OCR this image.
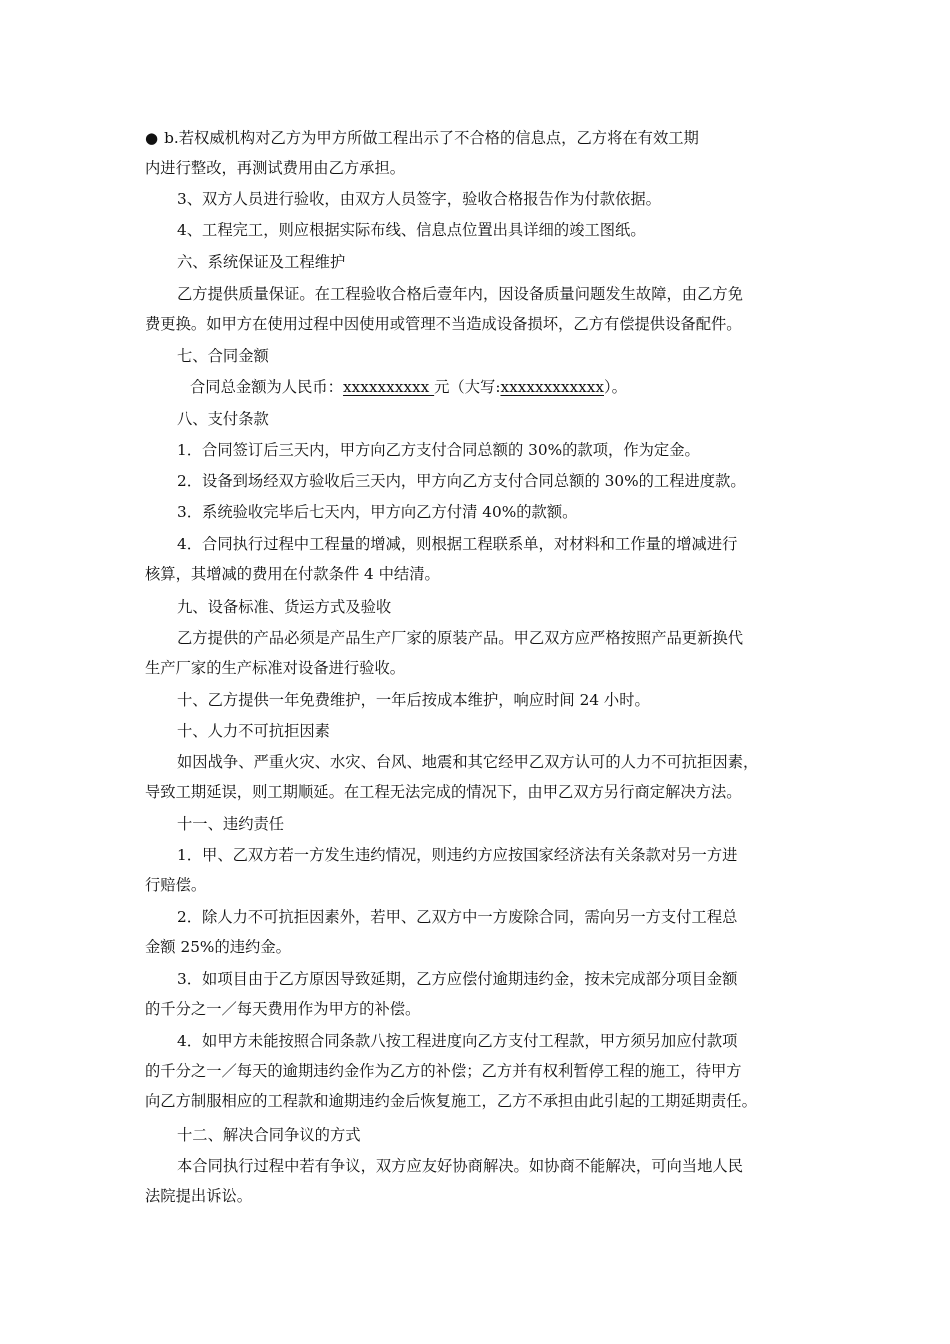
● b.若权威机构对乙方为甲方所做工程出示了不合格的信息点，乙方将在有效工期
内进行整改，再测试费用由乙方承担。

3、双方人员进行验收，由双方人员签字，验收合格报告作为付款依据。

4、工程完工，则应根据实际布线、信息点位置出具详细的竣工图纸。

六、系统保证及工程维护

乙方提供质量保证。在工程验收合格后壹年内，因设备质量问题发生故障，由乙方免
费更换。如甲方在使用过程中因使用或管理不当造成设备损坏，乙方有偿提供设备配件。

七、合同金额

合同总金额为人民币：xxxxxxxxxx 元（大写:xxxxxxxxxxxx）。

八、支付条款

1．合同签订后三天内，甲方向乙方支付合同总额的 30%的款项，作为定金。

2．设备到场经双方验收后三天内，甲方向乙方支付合同总额的 30%的工程进度款。

3．系统验收完毕后七天内，甲方向乙方付清 40%的款额。

4．合同执行过程中工程量的增减，则根据工程联系单，对材料和工作量的增减进行
核算，其增减的费用在付款条件 4 中结清。

九、设备标准、货运方式及验收

乙方提供的产品必须是产品生产厂家的原装产品。甲乙双方应严格按照产品更新换代
生产厂家的生产标准对设备进行验收。

十、乙方提供一年免费维护，一年后按成本维护，响应时间 24 小时。

十、人力不可抗拒因素

如因战争、严重火灾、水灾、台风、地震和其它经甲乙双方认可的人力不可抗拒因素，
导致工期延误，则工期顺延。在工程无法完成的情况下，由甲乙双方另行商定解决方法。

十一、违约责任

1．甲、乙双方若一方发生违约情况，则违约方应按国家经济法有关条款对另一方进
行赔偿。

2．除人力不可抗拒因素外，若甲、乙双方中一方废除合同，需向另一方支付工程总
金额 25%的违约金。

3．如项目由于乙方原因导致延期，乙方应偿付逾期违约金，按未完成部分项目金额
的千分之一／每天费用作为甲方的补偿。

4．如甲方未能按照合同条款八按工程进度向乙方支付工程款，甲方须另加应付款项
的千分之一／每天的逾期违约金作为乙方的补偿；乙方并有权利暂停工程的施工，待甲方
向乙方制服相应的工程款和逾期违约金后恢复施工，乙方不承担由此引起的工期延期责任。

十二、解决合同争议的方式

本合同执行过程中若有争议，双方应友好协商解决。如协商不能解决，可向当地人民
法院提出诉讼。
